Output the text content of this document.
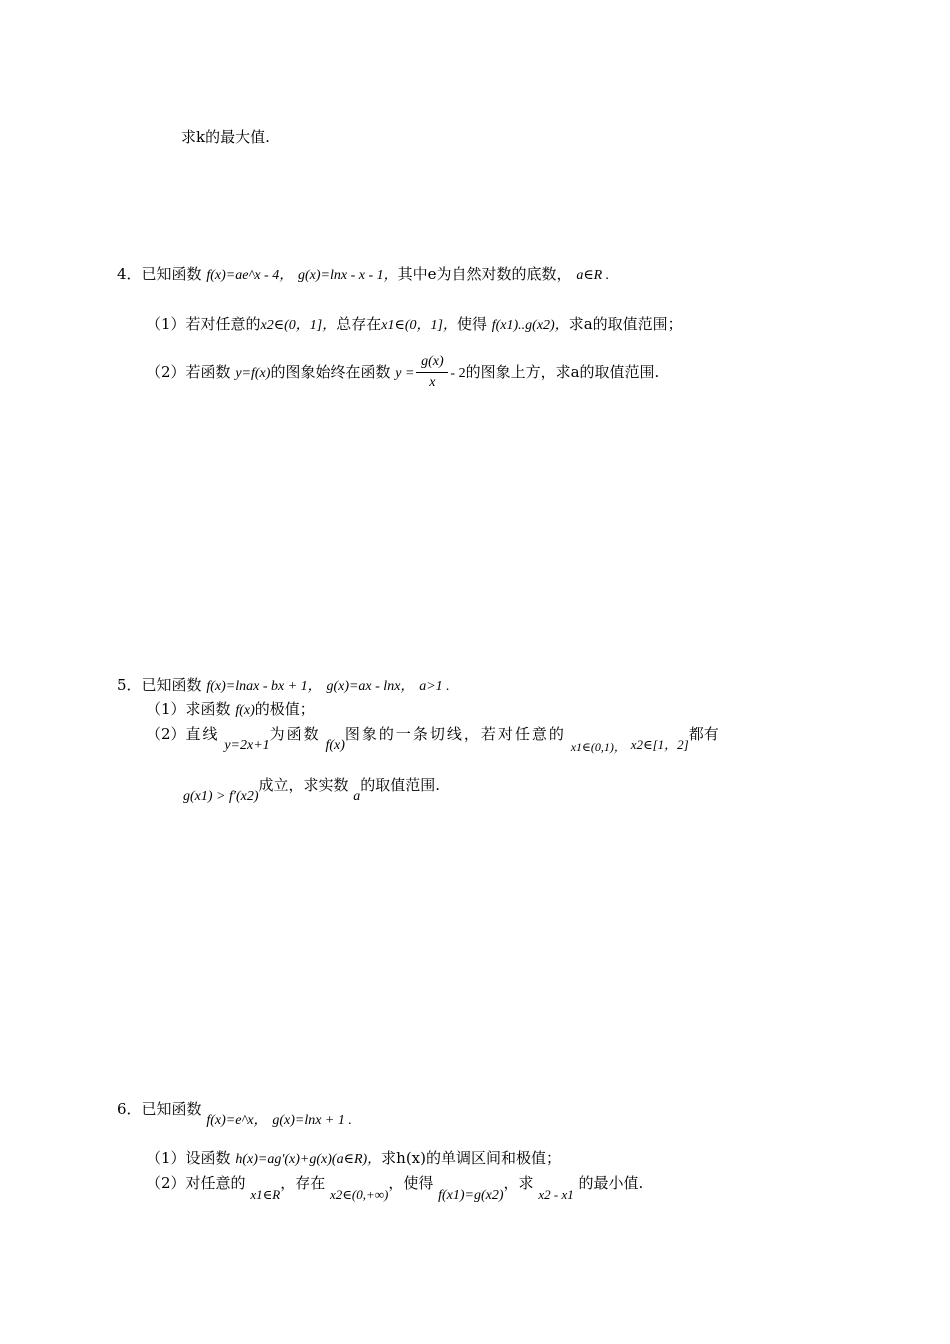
求k的最大值.
4．已知函数 f(x)=ae^x - 4， g(x)=lnx - x - 1，其中e为自然对数的底数， a∈R .
（1）若对任意的x2∈(0，1]，总存在x1∈(0，1]，使得 f(x1)..g(x2)，求a的取值范围；
（2）若函数 y=f(x)的图象始终在函数 $y = \frac{g(x)}{x} - 2$的图象上方，求a的取值范围.
5．已知函数 f(x)=lnax - bx + 1， g(x)=ax - lnx， a>1 .
（1）求函数 f(x)的极值；
（2）直线 y=2x+1为函数 f(x)图象的一条切线，若对任意的 $_{x1\in(0,1),}$ x2∈[1，2]都有
g(x1) > f′(x2)成立，求实数 a的取值范围.
6．已知函数 f(x)=e^x， g(x)=lnx + 1 .
（1）设函数 h(x)=ag′(x)+g(x)(a∈R)，求h(x)的单调区间和极值；
（2）对任意的 x1∈R，存在 x2∈(0,+∞)，使得 f(x1)=g(x2)，求 x2 - x1 的最小值.
